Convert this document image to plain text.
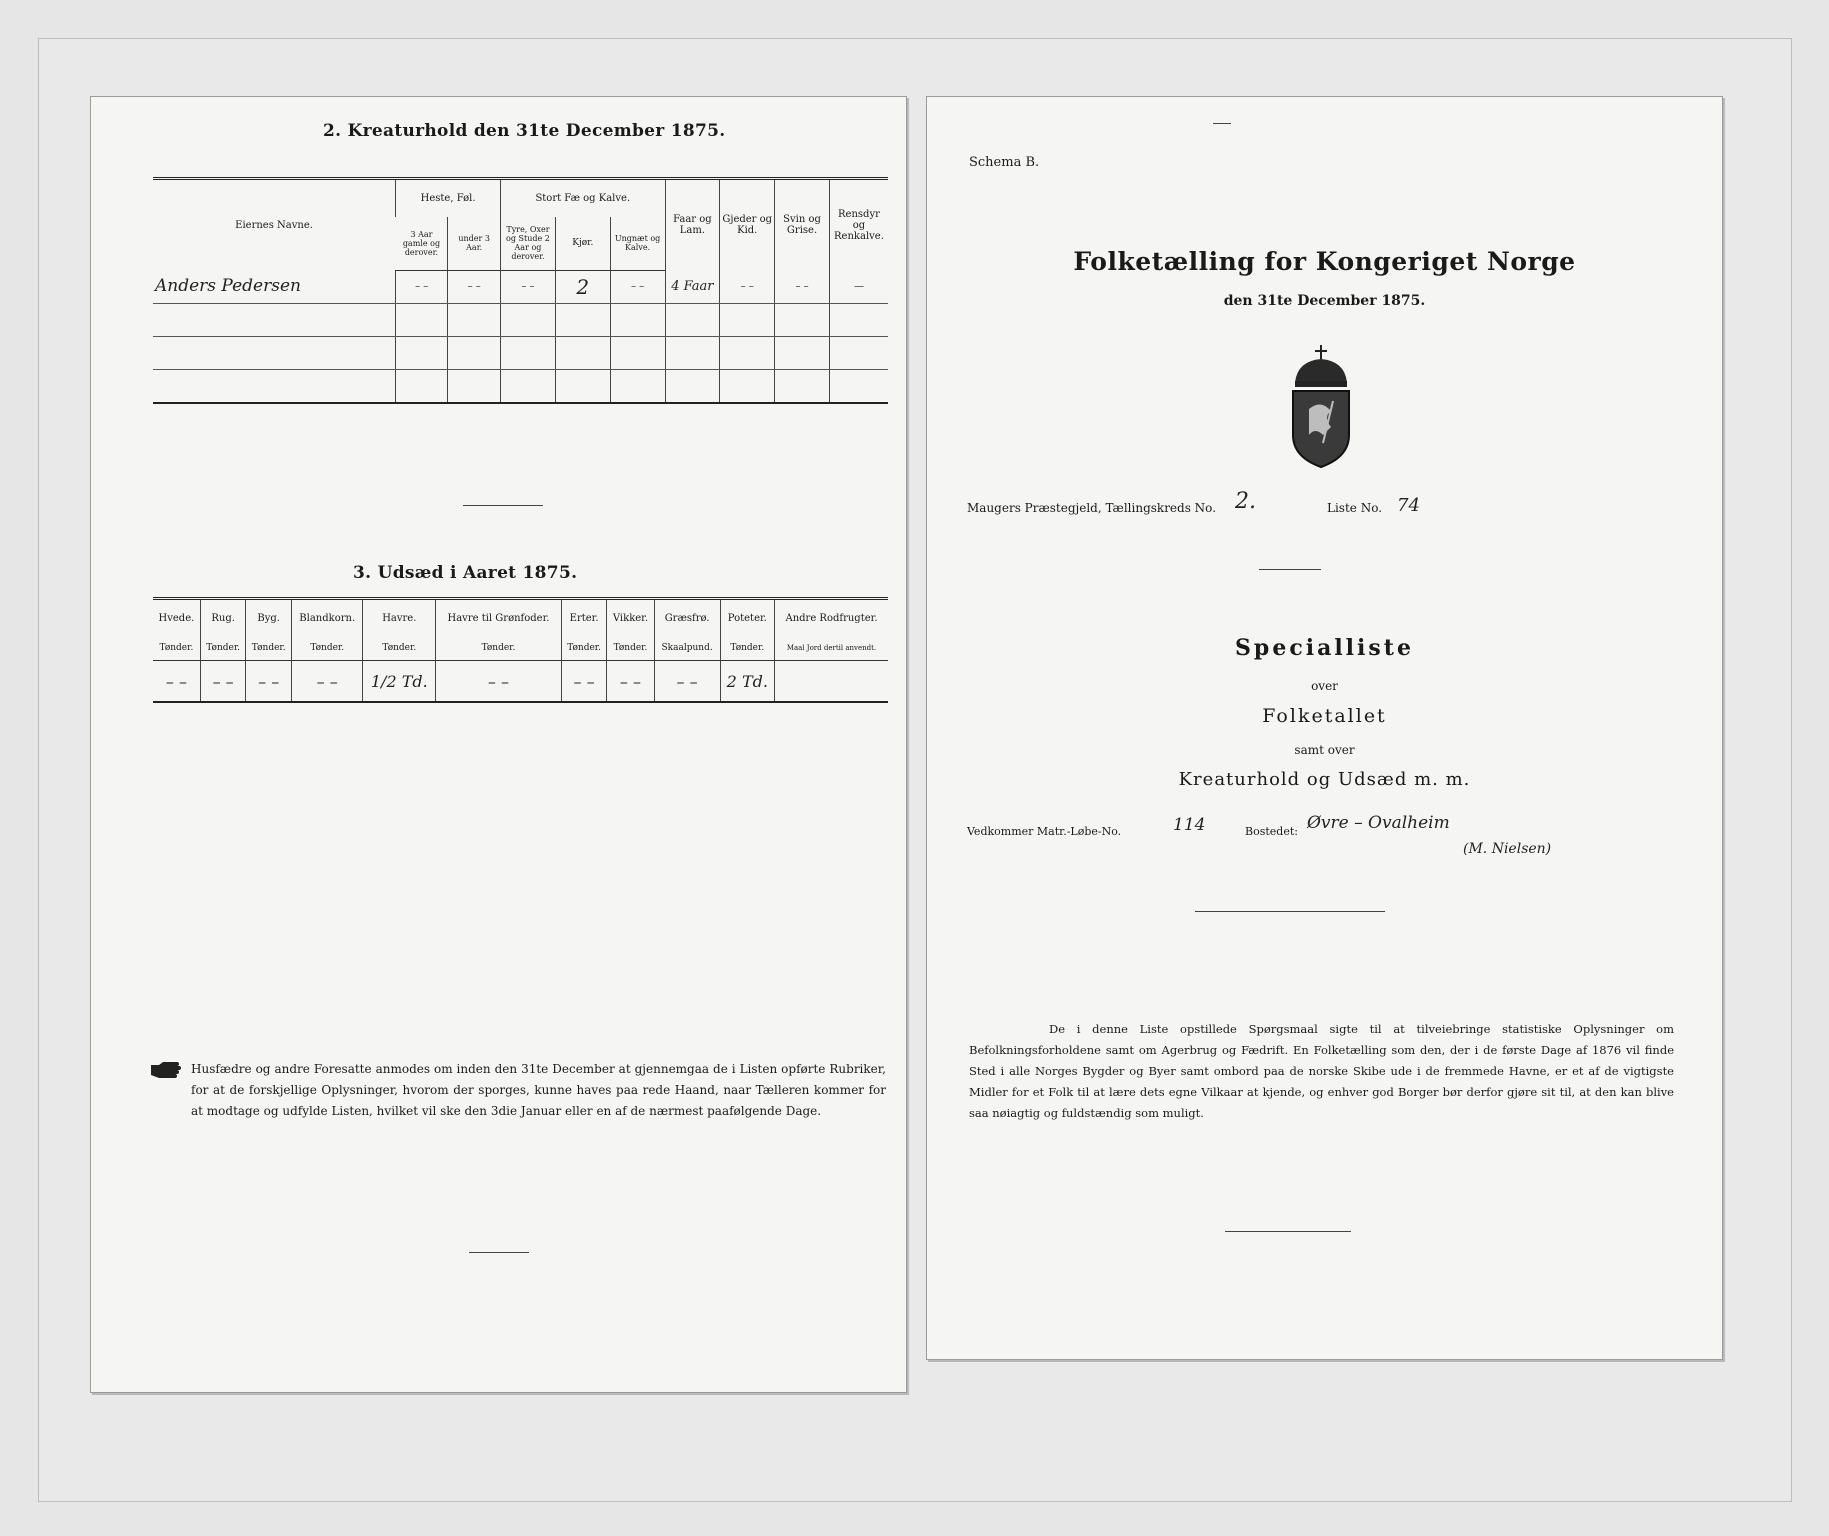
2. Kreaturhold den 31te December 1875.
Eiernes Navne.	Heste, Føl.		Stort Fæ og Kalve.			Faar og Lam.	Gjeder og Kid.	Svin og Grise.	Rensdyr og Renkalve.
	3 Aar gamle og derover.	under 3 Aar.	Tyre, Oxer og Stude 2 Aar og derover.	Kjør.	Ungnæt og Kalve.				
Anders Pedersen	– –	– –	– –	2	– –	4 Faar	– –	– –	—

3. Udsæd i Aaret 1875.
Hvede.	Rug.	Byg.	Blandkorn.	Havre.	Havre til Grønfoder.	Erter.	Vikker.	Græsfrø.	Poteter.	Andre Rodfrugter.
Tønder.	Tønder.	Tønder.	Tønder.	Tønder.	Tønder.	Tønder.	Tønder.	Skaalpund.	Tønder.	Maal Jord dertil anvendt.
– –	– –	– –	– –	1/2 Td.	– –	– –	– –	– –	2 Td.	
Husfædre og andre Foresatte anmodes om inden den 31te December at gjennemgaa de i Listen opførte Rubriker, for at de forskjellige Oplysninger, hvorom der sporges, kunne haves paa rede Haand, naar Tælleren kommer for at modtage og udfylde Listen, hvilket vil ske den 3die Januar eller en af de nærmest paafølgende Dage.
Schema B.
Folketælling for Kongeriget Norge
den 31te December 1875.
Maugers Præstegjeld, Tællingskreds No. 2.	Liste No. 74
Specialliste
over
Folketallet
samt over
Kreaturhold og Udsæd m. m.
Vedkommer Matr.-Løbe-No.	114	Bostedet: Øvre – Ovalheim
(M. Nielsen)
De i denne Liste opstillede Spørgsmaal sigte til at tilveiebringe statistiske Oplysninger om Befolkningsforholdene samt om Agerbrug og Fædrift. En Folketælling som den, der i de første Dage af 1876 vil finde Sted i alle Norges Bygder og Byer samt ombord paa de norske Skibe ude i de fremmede Havne, er et af de vigtigste Midler for et Folk til at lære dets egne Vilkaar at kjende, og enhver god Borger bør derfor gjøre sit til, at den kan blive saa nøiagtig og fuldstændig som muligt.
